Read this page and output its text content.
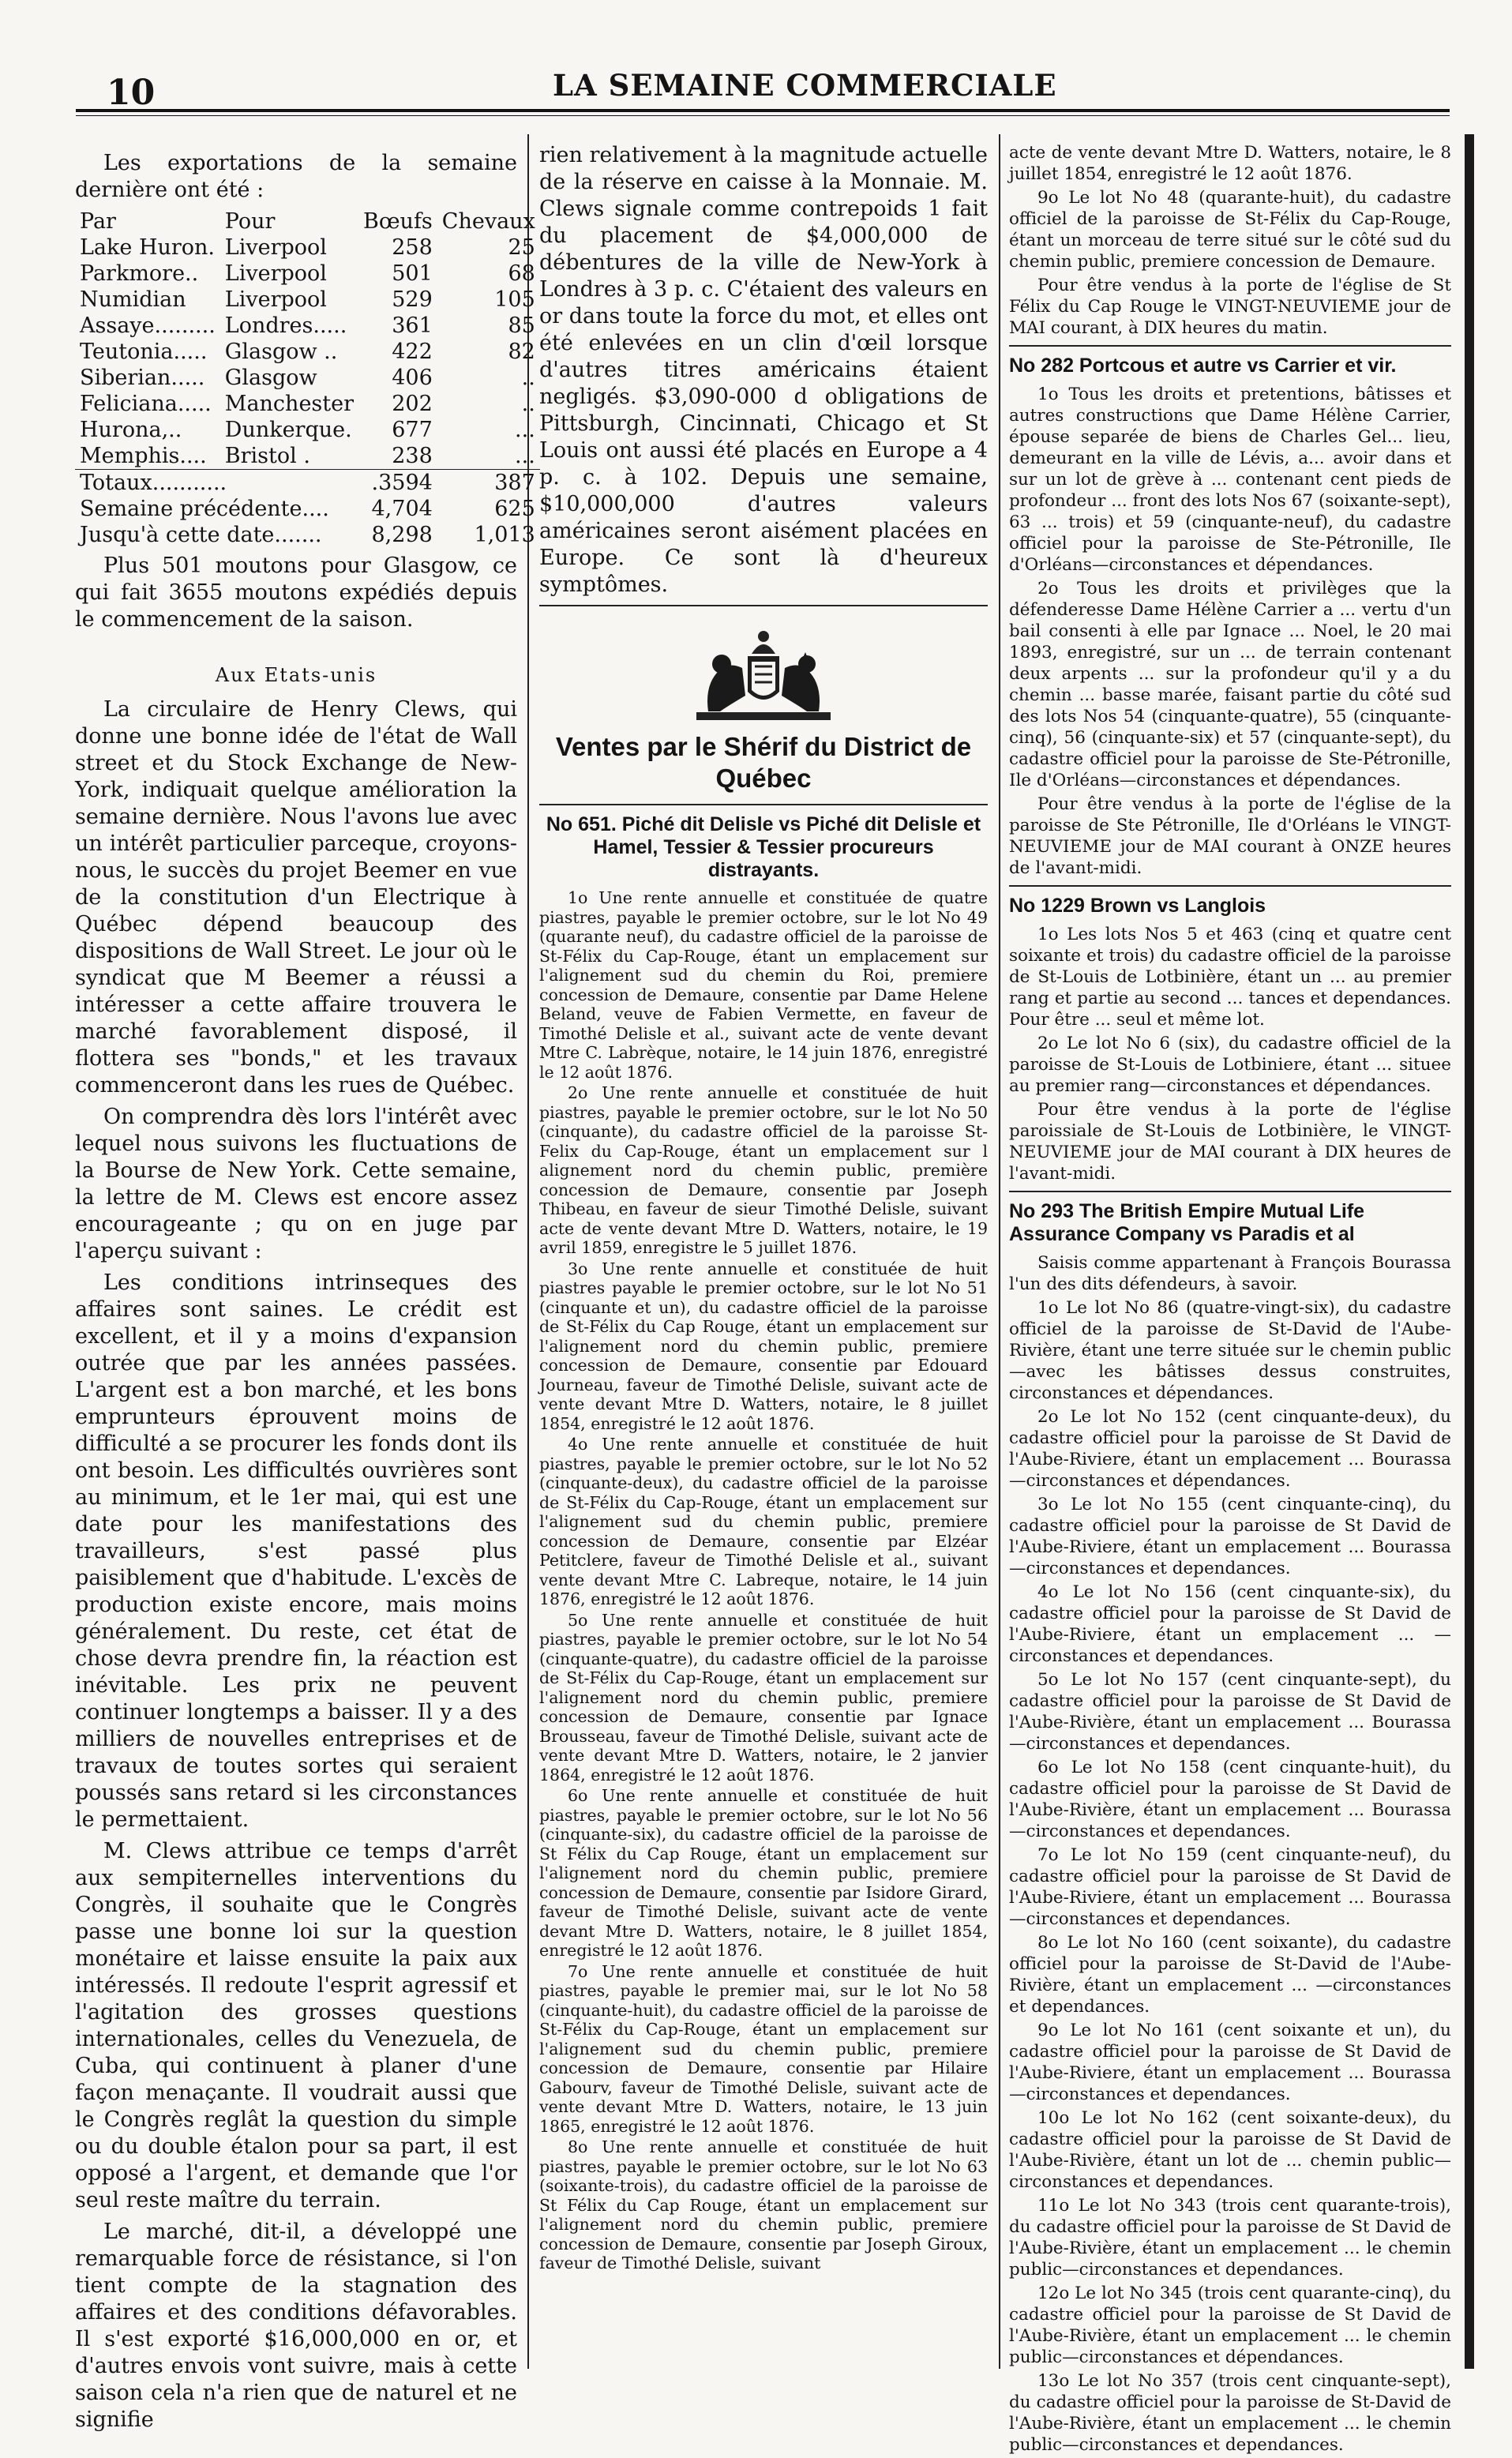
10	LA SEMAINE COMMERCIALE

Les exportations de la semaine dernière ont été :

Par	Pour	Bœufs	Chevaux
Lake Huron.	Liverpool	258	25
Parkmore..	Liverpool	501	68
Numidian	Liverpool	529	105
Assaye.........	Londres.....	361	85
Teutonia.....	Glasgow ..	422	82
Siberian.....	Glasgow	406	..
Feliciana.....	Manchester	202	..
Hurona,..	Dunkerque.	677	...
Memphis....	Bristol .	238	...
Totaux...........		.3594	387
Semaine précédente....		4,704	625
Jusqu'à cette date.......		8,298	1,013

Plus 501 moutons pour Glasgow, ce qui fait 3655 moutons expédiés depuis le commencement de la saison.

Aux Etats-unis

La circulaire de Henry Clews, qui donne une bonne idée de l'état de Wall street et du Stock Exchange de New-York, indiquait quelque amélioration la semaine dernière. Nous l'avons lue avec un intérêt particulier parceque, croyons-nous, le succès du projet Beemer en vue de la constitution d'un Electrique à Québec dépend beaucoup des dispositions de Wall Street. Le jour où le syndicat que M Beemer a réussi a intéresser a cette affaire trouvera le marché favorablement disposé, il flottera ses "bonds," et les travaux commenceront dans les rues de Québec.

On comprendra dès lors l'intérêt avec lequel nous suivons les fluctuations de la Bourse de New York. Cette semaine, la lettre de M. Clews est encore assez encourageante ; qu on en juge par l'aperçu suivant :

Les conditions intrinseques des affaires sont saines. Le crédit est excellent, et il y a moins d'expansion outrée que par les années passées. L'argent est a bon marché, et les bons emprunteurs éprouvent moins de difficulté a se procurer les fonds dont ils ont besoin. Les difficultés ouvrières sont au minimum, et le 1er mai, qui est une date pour les manifestations des travailleurs, s'est passé plus paisiblement que d'habitude. L'excès de production existe encore, mais moins généralement. Du reste, cet état de chose devra prendre fin, la réaction est inévitable. Les prix ne peuvent continuer longtemps a baisser. Il y a des milliers de nouvelles entreprises et de travaux de toutes sortes qui seraient poussés sans retard si les circonstances le permettaient.

M. Clews attribue ce temps d'arrêt aux sempiternelles interventions du Congrès, il souhaite que le Congrès passe une bonne loi sur la question monétaire et laisse ensuite la paix aux intéressés. Il redoute l'esprit agressif et l'agitation des grosses questions internationales, celles du Venezuela, de Cuba, qui continuent à planer d'une façon menaçante. Il voudrait aussi que le Congrès reglât la question du simple ou du double étalon pour sa part, il est opposé a l'argent, et demande que l'or seul reste maître du terrain.

Le marché, dit-il, a développé une remarquable force de résistance, si l'on tient compte de la stagnation des affaires et des conditions défavorables. Il s'est exporté $16,000,000 en or, et d'autres envois vont suivre, mais à cette saison cela n'a rien que de naturel et ne signifie

rien relativement à la magnitude actuelle de la réserve en caisse à la Monnaie. M. Clews signale comme contrepoids 1 fait du placement de $4,000,000 de débentures de la ville de New-York à Londres à 3 p. c. C'étaient des valeurs en or dans toute la force du mot, et elles ont été enlevées en un clin d'œil lorsque d'autres titres américains étaient negligés. $3,090-000 d obligations de Pittsburgh, Cincinnati, Chicago et St Louis ont aussi été placés en Europe a 4 p. c. à 102. Depuis une semaine, $10,000,000 d'autres valeurs américaines seront aisément placées en Europe. Ce sont là d'heureux symptômes.

Ventes par le Shérif du District de Québec
No 651. Piché dit Delisle vs Piché dit Delisle et Hamel, Tessier & Tessier procureurs distrayants.

1o Une rente annuelle et constituée de quatre piastres, payable le premier octobre, sur le lot No 49 (quarante neuf), du cadastre officiel de la paroisse de St-Félix du Cap-Rouge, étant un emplacement sur l'alignement sud du chemin du Roi, premiere concession de Demaure, consentie par Dame Helene Beland, veuve de Fabien Vermette, en faveur de Timothé Delisle et al., suivant acte de vente devant Mtre C. Labrèque, notaire, le 14 juin 1876, enregistré le 12 août 1876.

2o Une rente annuelle et constituée de huit piastres, payable le premier octobre, sur le lot No 50 (cinquante), du cadastre officiel de la paroisse St-Felix du Cap-Rouge, étant un emplacement sur l alignement nord du chemin public, première concession de Demaure, consentie par Joseph Thibeau, en faveur de sieur Timothé Delisle, suivant acte de vente devant Mtre D. Watters, notaire, le 19 avril 1859, enregistre le 5 juillet 1876.

3o Une rente annuelle et constituée de huit piastres payable le premier octobre, sur le lot No 51 (cinquante et un), du cadastre officiel de la paroisse de St-Félix du Cap Rouge, étant un emplacement sur l'alignement nord du chemin public, premiere concession de Demaure, consentie par Edouard Journeau, faveur de Timothé Delisle, suivant acte de vente devant Mtre D. Watters, notaire, le 8 juillet 1854, enregistré le 12 août 1876.

4o Une rente annuelle et constituée de huit piastres, payable le premier octobre, sur le lot No 52 (cinquante-deux), du cadastre officiel de la paroisse de St-Félix du Cap-Rouge, étant un emplacement sur l'alignement sud du chemin public, premiere concession de Demaure, consentie par Elzéar Petitclere, faveur de Timothé Delisle et al., suivant vente devant Mtre C. Labreque, notaire, le 14 juin 1876, enregistré le 12 août 1876.

5o Une rente annuelle et constituée de huit piastres, payable le premier octobre, sur le lot No 54 (cinquante-quatre), du cadastre officiel de la paroisse de St-Félix du Cap-Rouge, étant un emplacement sur l'alignement nord du chemin public, premiere concession de Demaure, consentie par Ignace Brousseau, faveur de Timothé Delisle, suivant acte de vente devant Mtre D. Watters, notaire, le 2 janvier 1864, enregistré le 12 août 1876.

6o Une rente annuelle et constituée de huit piastres, payable le premier octobre, sur le lot No 56 (cinquante-six), du cadastre officiel de la paroisse de St Félix du Cap Rouge, étant un emplacement sur l'alignement nord du chemin public, premiere concession de Demaure, consentie par Isidore Girard, faveur de Timothé Delisle, suivant acte de vente devant Mtre D. Watters, notaire, le 8 juillet 1854, enregistré le 12 août 1876.

7o Une rente annuelle et constituée de huit piastres, payable le premier mai, sur le lot No 58 (cinquante-huit), du cadastre officiel de la paroisse de St-Félix du Cap-Rouge, étant un emplacement sur l'alignement sud du chemin public, premiere concession de Demaure, consentie par Hilaire Gabourv, faveur de Timothé Delisle, suivant acte de vente devant Mtre D. Watters, notaire, le 13 juin 1865, enregistré le 12 août 1876.

8o Une rente annuelle et constituée de huit piastres, payable le premier octobre, sur le lot No 63 (soixante-trois), du cadastre officiel de la paroisse de St Félix du Cap Rouge, étant un emplacement sur l'alignement nord du chemin public, premiere concession de Demaure, consentie par Joseph Giroux, faveur de Timothé Delisle, suivant

acte de vente devant Mtre D. Watters, notaire, le 8 juillet 1854, enregistré le 12 août 1876.

9o Le lot No 48 (quarante-huit), du cadastre officiel de la paroisse de St-Félix du Cap-Rouge, étant un morceau de terre situé sur le côté sud du chemin public, premiere concession de Demaure.

Pour être vendus à la porte de l'église de St Félix du Cap Rouge le VINGT-NEUVIEME jour de MAI courant, à DIX heures du matin.

No 282 Portcous et autre vs Carrier et vir.

1o Tous les droits et pretentions, bâtisses et autres constructions que Dame Hélène Carrier, épouse separée de biens de Charles Gel... lieu, demeurant en la ville de Lévis, a... avoir dans et sur un lot de grève à ... contenant cent pieds de profondeur ... front des lots Nos 67 (soixante-sept), 63 ... trois) et 59 (cinquante-neuf), du cadastre officiel pour la paroisse de Ste-Pétronille, Ile d'Orléans—circonstances et dépendances.

2o Tous les droits et privilèges que la défenderesse Dame Hélène Carrier a ... vertu d'un bail consenti à elle par Ignace ... Noel, le 20 mai 1893, enregistré, sur un ... de terrain contenant deux arpents ... sur la profondeur qu'il y a du chemin ... basse marée, faisant partie du côté sud des lots Nos 54 (cinquante-quatre), 55 (cinquante-cinq), 56 (cinquante-six) et 57 (cinquante-sept), du cadastre officiel pour la paroisse de Ste-Pétronille, Ile d'Orléans—circonstances et dépendances.

Pour être vendus à la porte de l'église de la paroisse de Ste Pétronille, Ile d'Orléans le VINGT-NEUVIEME jour de MAI courant à ONZE heures de l'avant-midi.

No 1229 Brown vs Langlois

1o Les lots Nos 5 et 463 (cinq et quatre cent soixante et trois) du cadastre officiel de la paroisse de St-Louis de Lotbinière, étant un ... au premier rang et partie au second ... tances et dependances. Pour être ... seul et même lot.

2o Le lot No 6 (six), du cadastre officiel de la paroisse de St-Louis de Lotbiniere, étant ... situee au premier rang—circonstances et dépendances.

Pour être vendus à la porte de l'église paroissiale de St-Louis de Lotbinière, le VINGT-NEUVIEME jour de MAI courant à DIX heures de l'avant-midi.

No 293 The British Empire Mutual Life Assurance Company vs Paradis et al

Saisis comme appartenant à François Bourassa l'un des dits défendeurs, à savoir.

1o Le lot No 86 (quatre-vingt-six), du cadastre officiel de la paroisse de St-David de l'Aube-Rivière, étant une terre située sur le chemin public—avec les bâtisses dessus construites, circonstances et dépendances.

2o Le lot No 152 (cent cinquante-deux), du cadastre officiel pour la paroisse de St David de l'Aube-Riviere, étant un emplacement ... Bourassa—circonstances et dépendances.

3o Le lot No 155 (cent cinquante-cinq), du cadastre officiel pour la paroisse de St David de l'Aube-Riviere, étant un emplacement ... Bourassa—circonstances et dependances.

4o Le lot No 156 (cent cinquante-six), du cadastre officiel pour la paroisse de St David de l'Aube-Riviere, étant un emplacement ... —circonstances et dependances.

5o Le lot No 157 (cent cinquante-sept), du cadastre officiel pour la paroisse de St David de l'Aube-Rivière, étant un emplacement ... Bourassa—circonstances et dependances.

6o Le lot No 158 (cent cinquante-huit), du cadastre officiel pour la paroisse de St David de l'Aube-Rivière, étant un emplacement ... Bourassa—circonstances et dependances.

7o Le lot No 159 (cent cinquante-neuf), du cadastre officiel pour la paroisse de St David de l'Aube-Riviere, étant un emplacement ... Bourassa—circonstances et dependances.

8o Le lot No 160 (cent soixante), du cadastre officiel pour la paroisse de St-David de l'Aube-Rivière, étant un emplacement ... —circonstances et dependances.

9o Le lot No 161 (cent soixante et un), du cadastre officiel pour la paroisse de St David de l'Aube-Riviere, étant un emplacement ... Bourassa—circonstances et dependances.

10o Le lot No 162 (cent soixante-deux), du cadastre officiel pour la paroisse de St David de l'Aube-Rivière, étant un lot de ... chemin public—circonstances et dependances.

11o Le lot No 343 (trois cent quarante-trois), du cadastre officiel pour la paroisse de St David de l'Aube-Rivière, étant un emplacement ... le chemin public—circonstances et dependances.

12o Le lot No 345 (trois cent quarante-cinq), du cadastre officiel pour la paroisse de St David de l'Aube-Rivière, étant un emplacement ... le chemin public—circonstances et dépendances.

13o Le lot No 357 (trois cent cinquante-sept), du cadastre officiel pour la paroisse de St-David de l'Aube-Rivière, étant un emplacement ... le chemin public—circonstances et dependances.
